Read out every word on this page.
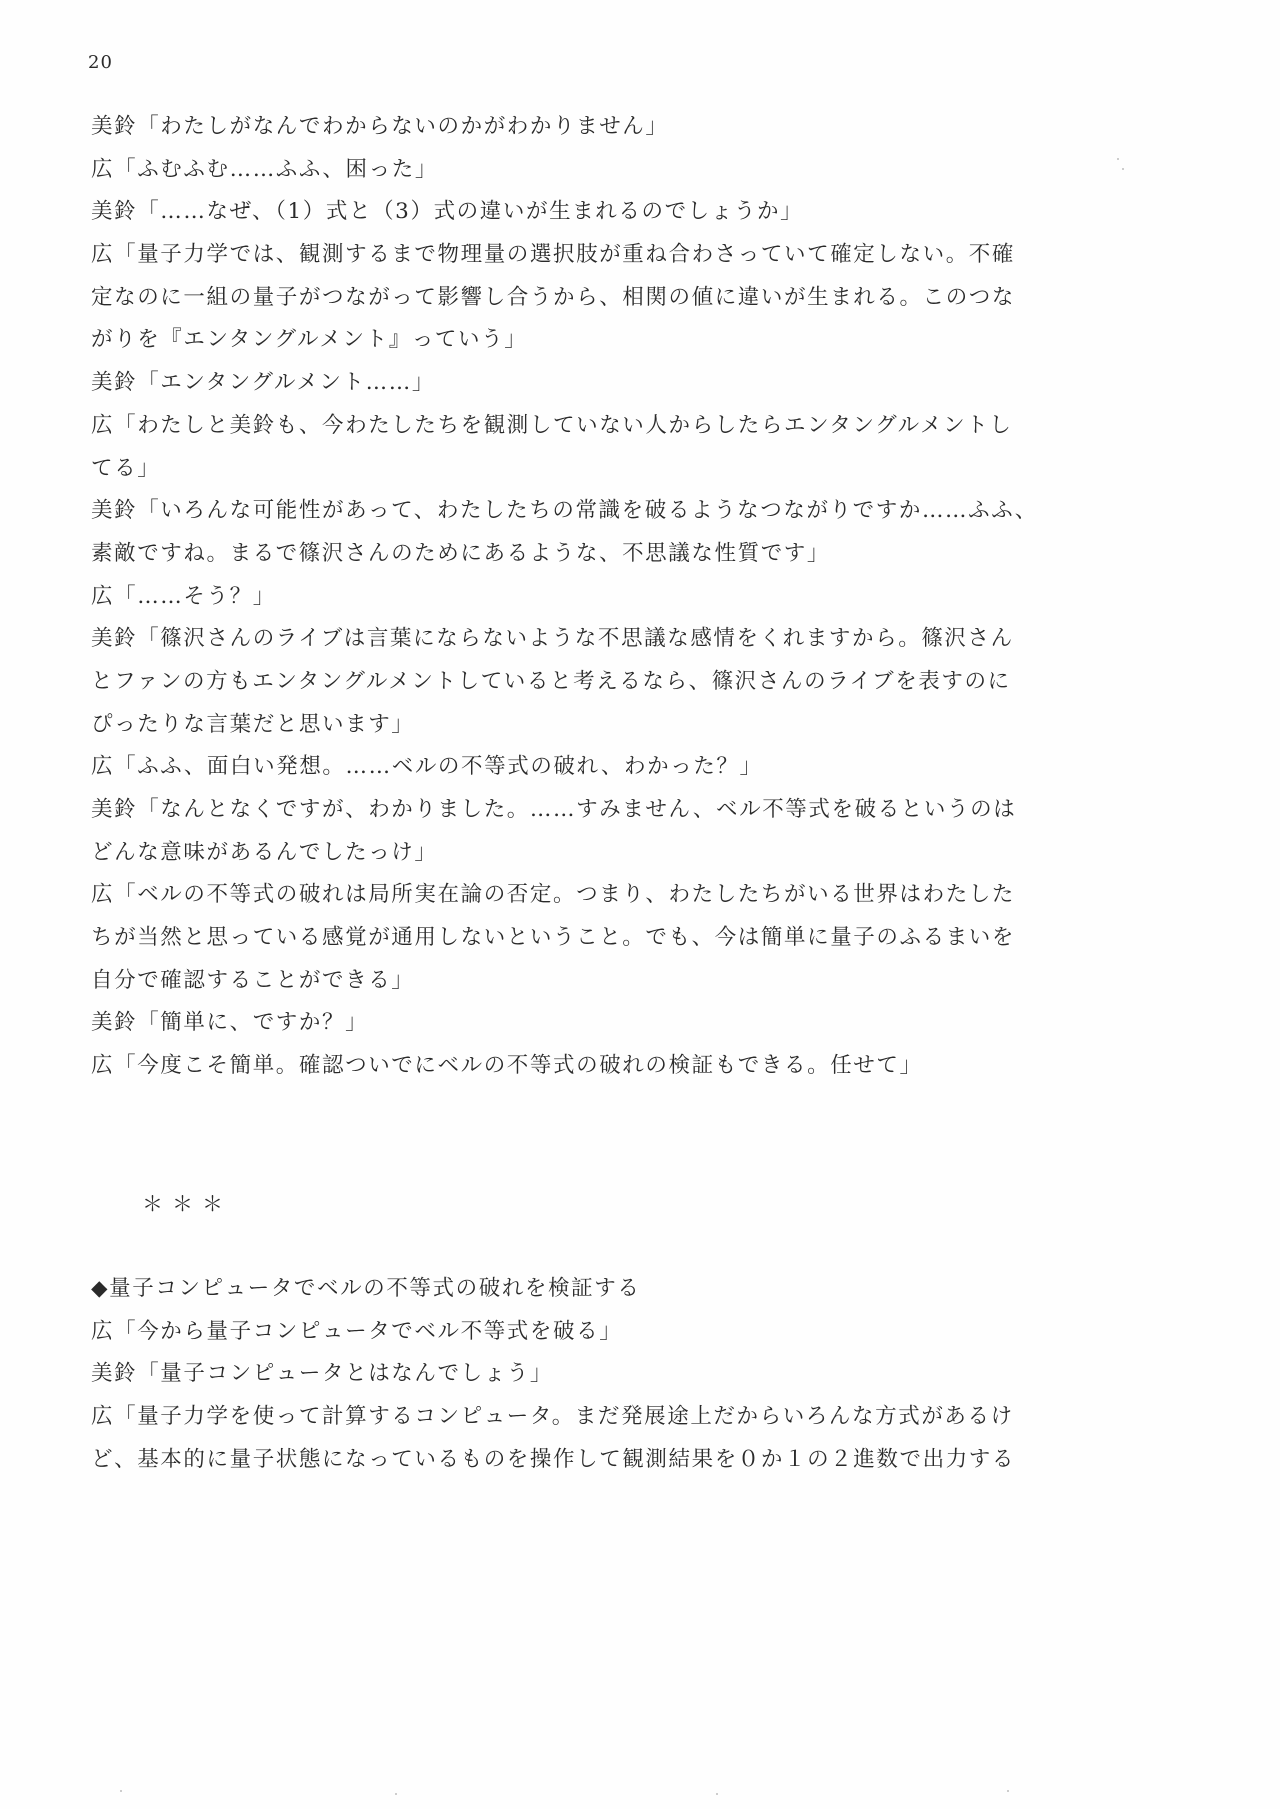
20
美鈴「わたしがなんでわからないのかがわかりません」
広「ふむふむ……ふふ、困った」
美鈴「……なぜ、（1）式と（3）式の違いが生まれるのでしょうか」
広「量子力学では、観測するまで物理量の選択肢が重ね合わさっていて確定しない。不確
定なのに一組の量子がつながって影響し合うから、相関の値に違いが生まれる。このつな
がりを『エンタングルメント』っていう」
美鈴「エンタングルメント……」
広「わたしと美鈴も、今わたしたちを観測していない人からしたらエンタングルメントし
てる」
美鈴「いろんな可能性があって、わたしたちの常識を破るようなつながりですか……ふふ、
素敵ですね。まるで篠沢さんのためにあるような、不思議な性質です」
広「……そう？」
美鈴「篠沢さんのライブは言葉にならないような不思議な感情をくれますから。篠沢さん
とファンの方もエンタングルメントしていると考えるなら、篠沢さんのライブを表すのに
ぴったりな言葉だと思います」
広「ふふ、面白い発想。……ベルの不等式の破れ、わかった？」
美鈴「なんとなくですが、わかりました。……すみません、ベル不等式を破るというのは
どんな意味があるんでしたっけ」
広「ベルの不等式の破れは局所実在論の否定。つまり、わたしたちがいる世界はわたした
ちが当然と思っている感覚が通用しないということ。でも、今は簡単に量子のふるまいを
自分で確認することができる」
美鈴「簡単に、ですか？」
広「今度こそ簡単。確認ついでにベルの不等式の破れの検証もできる。任せて」
＊＊＊
◆量子コンピュータでベルの不等式の破れを検証する
広「今から量子コンピュータでベル不等式を破る」
美鈴「量子コンピュータとはなんでしょう」
広「量子力学を使って計算するコンピュータ。まだ発展途上だからいろんな方式があるけ
ど、基本的に量子状態になっているものを操作して観測結果を０か１の２進数で出力する
